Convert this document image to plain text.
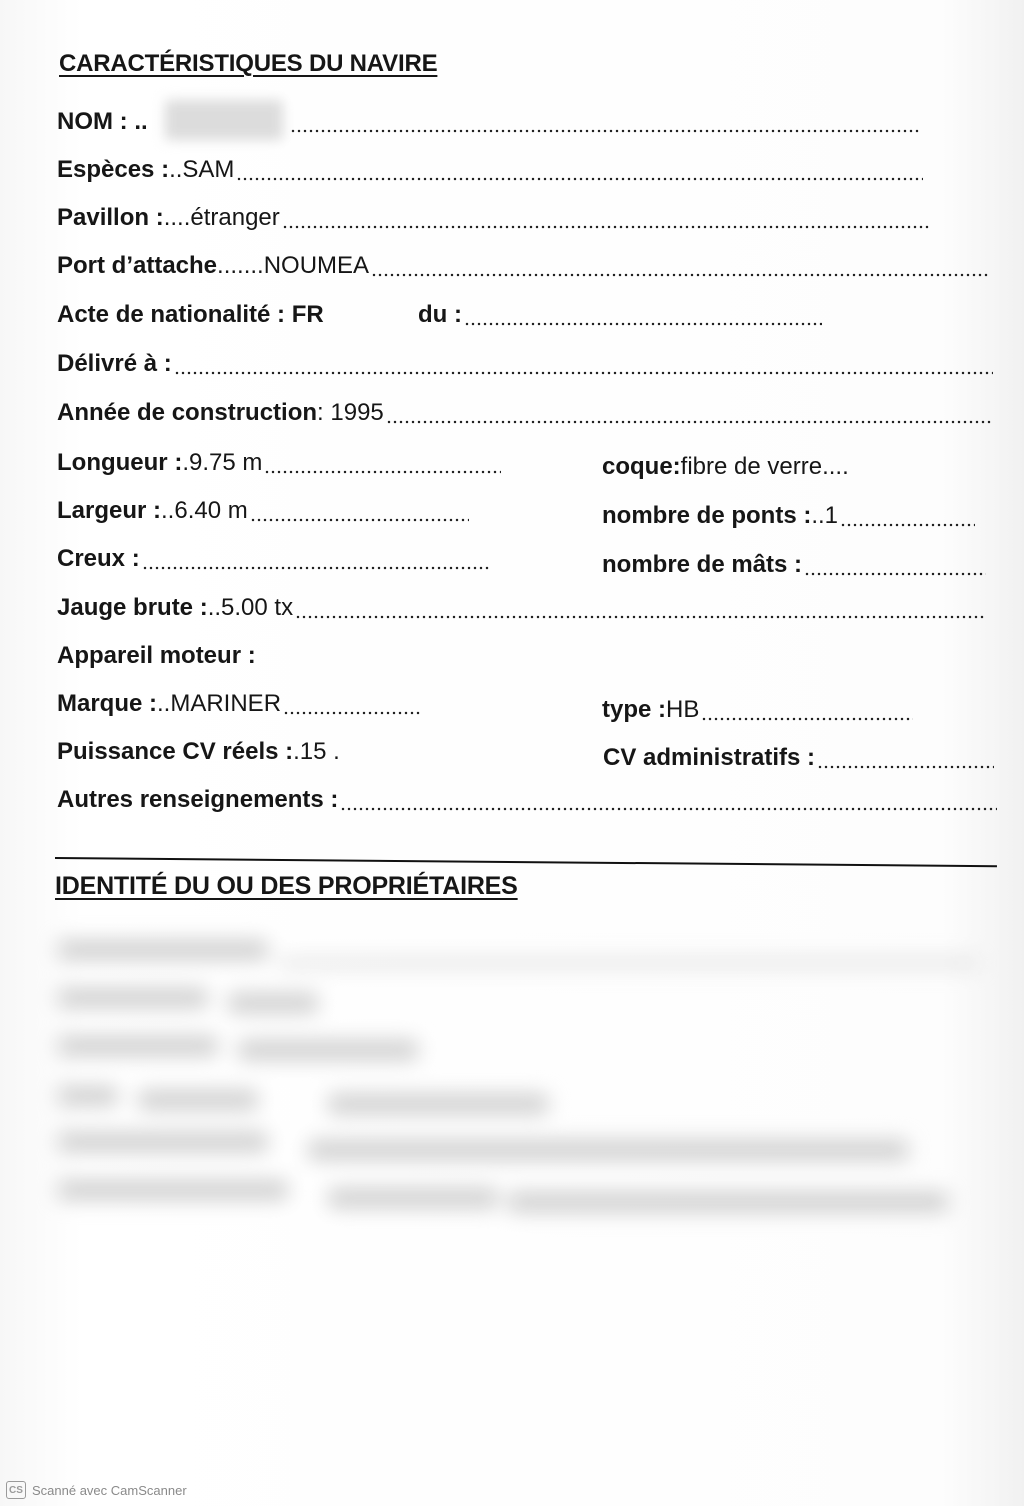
CARACTÉRISTIQUES DU NAVIRE
NOM : ..
Espèces : ..SAM
Pavillon : ....étranger
Port d’attache .......NOUMEA
Acte de nationalité : FR	du :
Délivré à :
Année de construction : 1995
Longueur : .9.75 m	coque: fibre de verre....
Largeur : ..6.40 m	nombre de ponts : ..1
Creux :	nombre de mâts :
Jauge brute : ..5.00 tx
Appareil moteur :
Marque : ..MARINER	type : HB
Puissance CV réels : .15 .	CV administratifs :
Autres renseignements :
IDENTITÉ DU OU DES PROPRIÉTAIRES
CS Scanné avec CamScanner
